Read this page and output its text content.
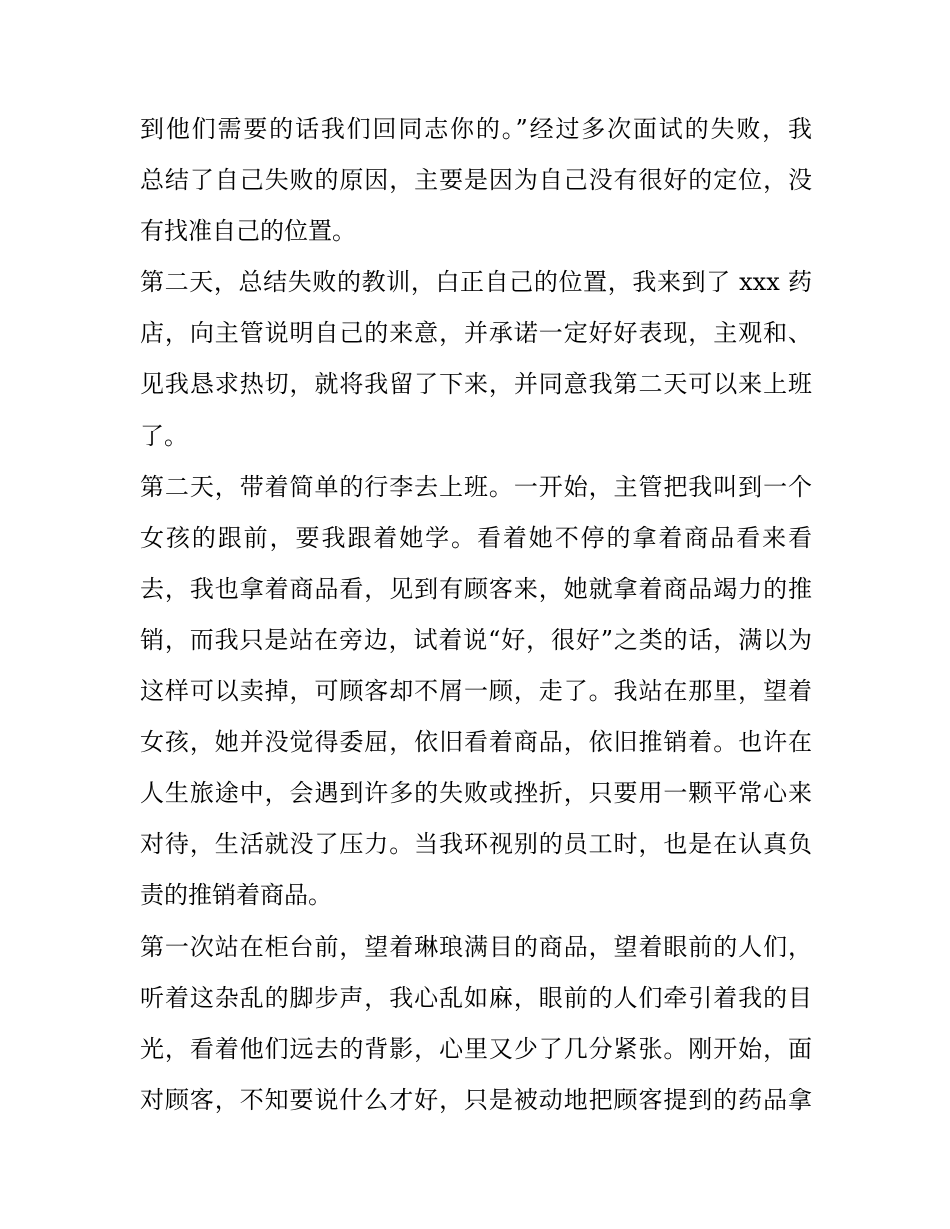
到他们需要的话我们回同志你的。”经过多次面试的失败，我
总结了自己失败的原因，主要是因为自己没有很好的定位，没
有找准自己的位置。
第二天，总结失败的教训，白正自己的位置，我来到了 xxx 药
店，向主管说明自己的来意，并承诺一定好好表现，主观和、
见我恳求热切，就将我留了下来，并同意我第二天可以来上班
了。
第二天，带着简单的行李去上班。一开始，主管把我叫到一个
女孩的跟前，要我跟着她学。看着她不停的拿着商品看来看
去，我也拿着商品看，见到有顾客来，她就拿着商品竭力的推
销，而我只是站在旁边，试着说“好，很好”之类的话，满以为
这样可以卖掉，可顾客却不屑一顾，走了。我站在那里，望着
女孩，她并没觉得委屈，依旧看着商品，依旧推销着。也许在
人生旅途中，会遇到许多的失败或挫折，只要用一颗平常心来
对待，生活就没了压力。当我环视别的员工时，也是在认真负
责的推销着商品。
第一次站在柜台前，望着琳琅满目的商品，望着眼前的人们，
听着这杂乱的脚步声，我心乱如麻，眼前的人们牵引着我的目
光，看着他们远去的背影，心里又少了几分紧张。刚开始，面
对顾客，不知要说什么才好，只是被动地把顾客提到的药品拿
